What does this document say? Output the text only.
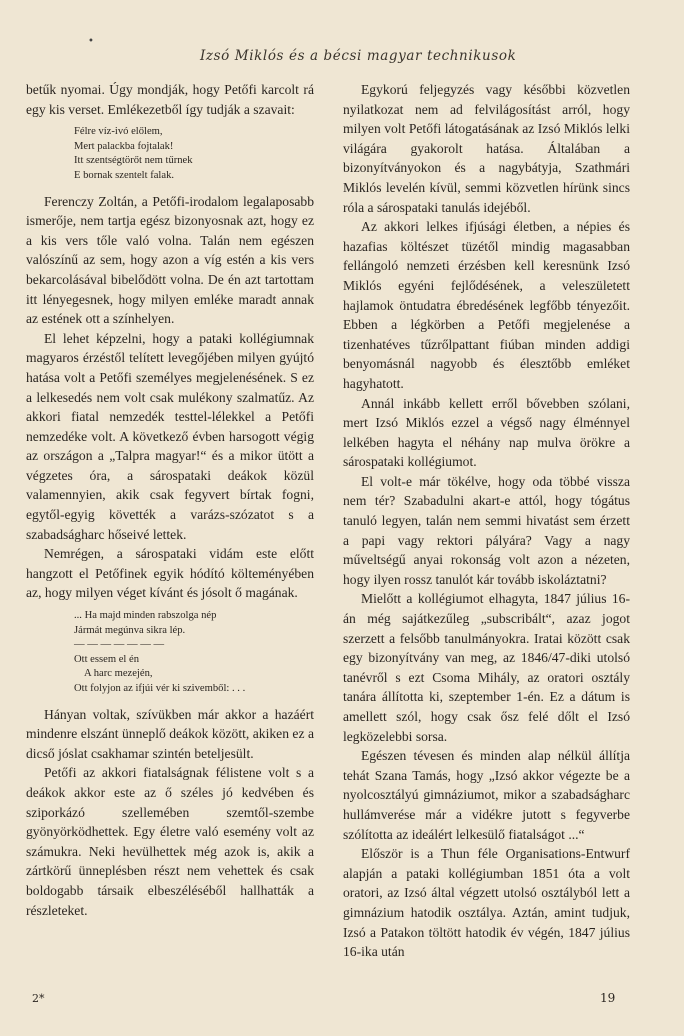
•
Izsó Miklós és a bécsi magyar technikusok

betűk nyomai. Úgy mondják, hogy Petőfi karcolt rá egy kis verset. Emlékezetből így tudják a szavait:

Félre víz-ivó előlem,
Mert palackba fojtalak!
Itt szentségtörőt nem tűrnek
E bornak szentelt falak.

Ferenczy Zoltán, a Petőfi-irodalom legalaposabb ismerője, nem tartja egész bizonyosnak azt, hogy ez a kis vers tőle való volna. Talán nem egészen valószínű az sem, hogy azon a víg estén a kis vers bekarcolásával bibelődött volna. De én azt tartottam itt lényegesnek, hogy milyen emléke maradt annak az estének ott a színhelyen.

El lehet képzelni, hogy a pataki kollégiumnak magyaros érzéstől telített levegőjében milyen gyújtó hatása volt a Petőfi személyes megjelenésének. S ez a lelkesedés nem volt csak mulékony szalmatűz. Az akkori fiatal nemzedék testtel-lélekkel a Petőfi nemzedéke volt. A következő évben harsogott végig az országon a „Talpra magyar!“ és a mikor ütött a végzetes óra, a sárospataki deákok közül valamennyien, akik csak fegyvert bírtak fogni, egytől-egyig követték a varázs-szózatot s a szabadságharc hőseivé lettek.

Nemrégen, a sárospataki vidám este előtt hangzott el Petőfinek egyik hódító költeményében az, hogy milyen véget kívánt és jósolt ő magának.

... Ha majd minden rabszolga nép
Jármát megúnva sikra lép.
— — — — — — —
Ott essem el én
A harc mezején,
Ott folyjon az ifjúi vér ki szivemből: . . .

Hányan voltak, szívükben már akkor a hazáért mindenre elszánt ünneplő deákok között, akiken ez a dicső jóslat csakhamar szintén beteljesült.

Petőfi az akkori fiatalságnak félistene volt s a deákok akkor este az ő széles jó kedvében és sziporkázó szellemében szemtől-szembe gyönyörködhettek. Egy életre való esemény volt az számukra. Neki hevülhettek még azok is, akik a zártkörű ünneplésben részt nem vehettek és csak boldogabb társaik elbeszéléséből hallhatták a részleteket.

Egykorú feljegyzés vagy későbbi közvetlen nyilatkozat nem ad felvilágosítást arról, hogy milyen volt Petőfi látogatásának az Izsó Miklós lelki világára gyakorolt hatása. Általában a bizonyítványokon és a nagybátyja, Szathmári Miklós levelén kívül, semmi közvetlen hírünk sincs róla a sárospataki tanulás idejéből.

Az akkori lelkes ifjúsági életben, a népies és hazafias költészet tüzétől mindig magasabban fellángoló nemzeti érzésben kell keresnünk Izsó Miklós egyéni fejlődésének, a veleszületett hajlamok öntudatra ébredésének legfőbb tényezőit. Ebben a légkörben a Petőfi megjelenése a tizenhatéves tűzrőlpattant fiúban minden addigi benyomásnál nagyobb és élesztőbb emléket hagyhatott.

Annál inkább kellett erről bővebben szólani, mert Izsó Miklós ezzel a végső nagy élménnyel lelkében hagyta el néhány nap mulva örökre a sárospataki kollégiumot.

El volt-e már tökélve, hogy oda többé vissza nem tér? Szabadulni akart-e attól, hogy tógátus tanuló legyen, talán nem semmi hivatást sem érzett a papi vagy rektori pályára? Vagy a nagy műveltségű anyai rokonság volt azon a nézeten, hogy ilyen rossz tanulót kár tovább iskoláztatni?

Mielőtt a kollégiumot elhagyta, 1847 július 16-án még sajátkezűleg „subscribált“, azaz jogot szerzett a felsőbb tanulmányokra. Iratai között csak egy bizonyítvány van meg, az 1846/47-diki utolsó tanévről s ezt Csoma Mihály, az oratori osztály tanára állította ki, szeptember 1-én. Ez a dátum is amellett szól, hogy csak ősz felé dőlt el Izsó legközelebbi sorsa.

Egészen tévesen és minden alap nélkül állítja tehát Szana Tamás, hogy „Izsó akkor végezte be a nyolcosztályú gimnáziumot, mikor a szabadságharc hullámverése már a vidékre jutott s fegyverbe szólította az ideálért lelkesülő fiatalságot ...“

Először is a Thun féle Organisations-Entwurf alapján a pataki kollégiumban 1851 óta a volt oratori, az Izsó által végzett utolsó osztályból lett a gimnázium hatodik osztálya. Aztán, amint tudjuk, Izsó a Patakon töltött hatodik év végén, 1847 július 16-ika után

2*	19
